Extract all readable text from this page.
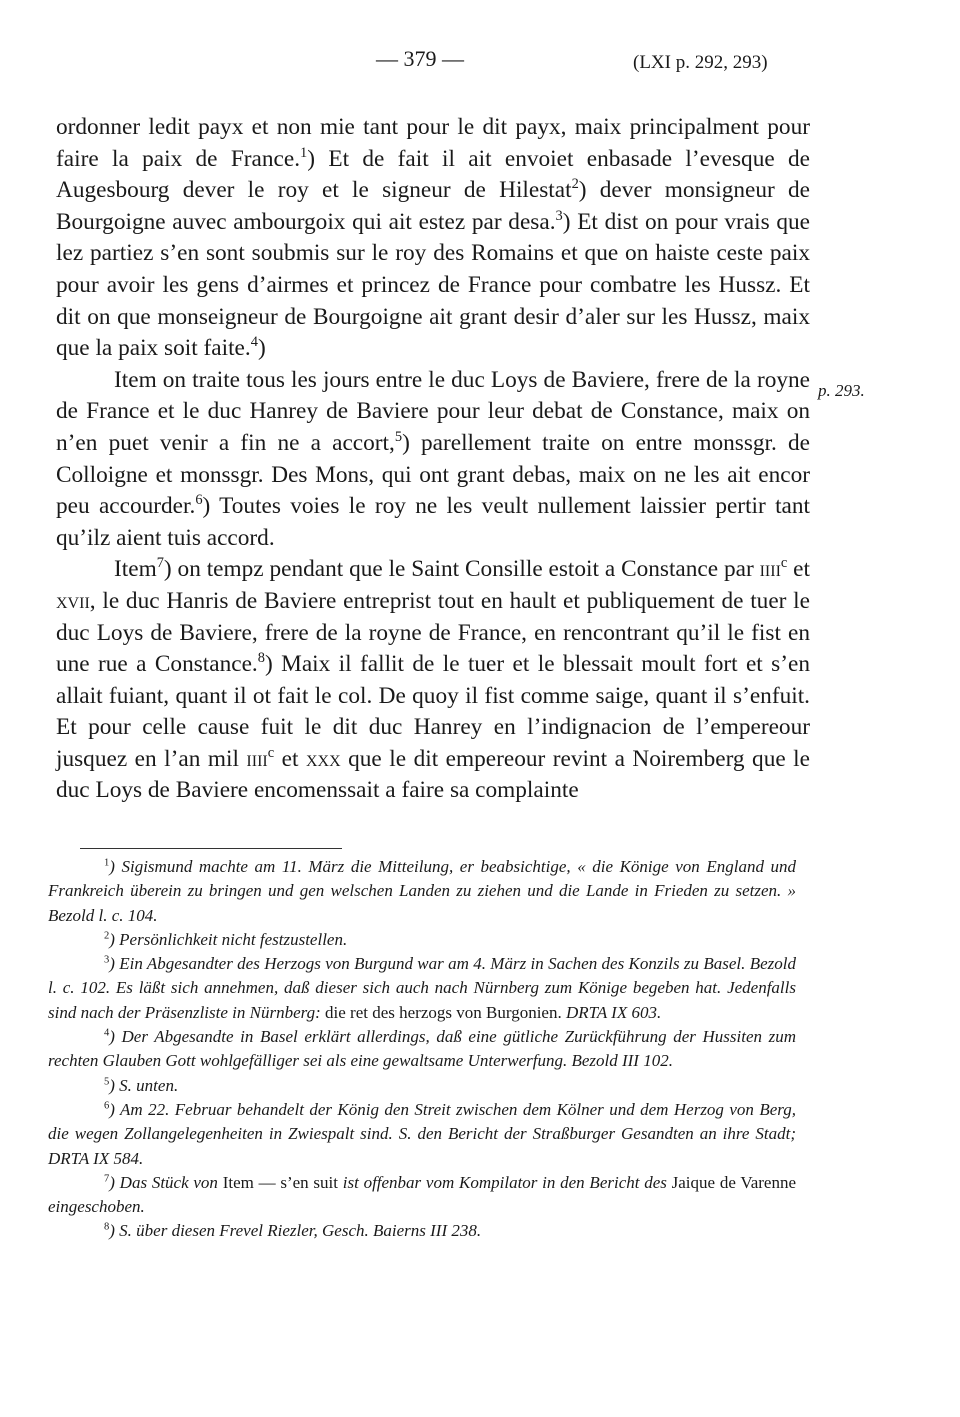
— 379 —	(LXI p. 292, 293)
p. 293.

ordonner ledit payx et non mie tant pour le dit payx, maix principalment pour faire la paix de France.$^1$) Et de fait il ait envoiet enbasade l’evesque de Augesbourg dever le roy et le signeur de Hilestat$^2$) dever monsigneur de Bourgoigne auvec ambourgoix qui ait estez par desa.$^3$) Et dist on pour vrais que lez partiez s’en sont soubmis sur le roy des Romains et que on haiste ceste paix pour avoir les gens d’airmes et princez de France pour combatre les Hussz. Et dit on que monseigneur de Bourgoigne ait grant desir d’aler sur les Hussz, maix que la paix soit faite.$^4$)

Item on traite tous les jours entre le duc Loys de Baviere, frere de la royne de France et le duc Hanrey de Baviere pour leur debat de Constance, maix on n’en puet venir a fin ne a accort,$^5$) parellement traite on entre monssgr. de Colloigne et monssgr. Des Mons, qui ont grant debas, maix on ne les ait encor peu accourder.$^6$) Toutes voies le roy ne les veult nullement laissier pertir tant qu’ilz aient tuis accord.

Item$^7$) on tempz pendant que le Saint Consille estoit a Constance par iiii$^c$ et xvii, le duc Hanris de Baviere entreprist tout en hault et publiquement de tuer le duc Loys de Baviere, frere de la royne de France, en rencontrant qu’il le fist en une rue a Constance.$^8$) Maix il fallit de le tuer et le blessait moult fort et s’en allait fuiant, quant il ot fait le col. De quoy il fist comme saige, quant il s’enfuit. Et pour celle cause fuit le dit duc Hanrey en l’indignacion de l’empereour jusquez en l’an mil iiii$^c$ et xxx que le dit empereour revint a Noiremberg que le duc Loys de Baviere encomenssait a faire sa complainte

$^1$) Sigismund machte am 11. März die Mitteilung, er beabsichtige, « die Könige von England und Frankreich überein zu bringen und gen welschen Landen zu ziehen und die Lande in Frieden zu setzen. » Bezold l. c. 104.

$^2$) Persönlichkeit nicht festzustellen.

$^3$) Ein Abgesandter des Herzogs von Burgund war am 4. März in Sachen des Konzils zu Basel. Bezold l. c. 102. Es läßt sich annehmen, daß dieser sich auch nach Nürnberg zum Könige begeben hat. Jedenfalls sind nach der Präsenzliste in Nürnberg: die ret des herzogs von Burgonien. DRTA IX 603.

$^4$) Der Abgesandte in Basel erklärt allerdings, daß eine gütliche Zurückführung der Hussiten zum rechten Glauben Gott wohlgefälliger sei als eine gewaltsame Unterwerfung. Bezold III 102.

$^5$) S. unten.

$^6$) Am 22. Februar behandelt der König den Streit zwischen dem Kölner und dem Herzog von Berg, die wegen Zollangelegenheiten in Zwiespalt sind. S. den Bericht der Straßburger Gesandten an ihre Stadt; DRTA IX 584.

$^7$) Das Stück von Item — s’en suit ist offenbar vom Kompilator in den Bericht des Jaique de Varenne eingeschoben.

$^8$) S. über diesen Frevel Riezler, Gesch. Baierns III 238.
